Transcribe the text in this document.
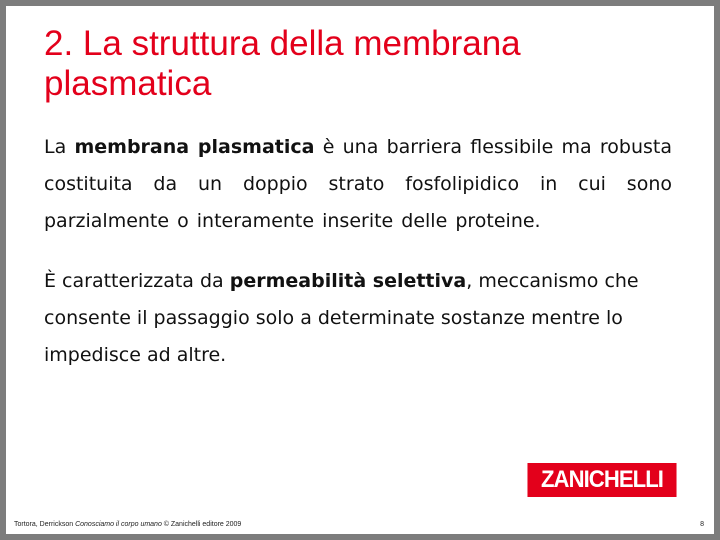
2. La struttura della membrana plasmatica

La membrana plasmatica è una barriera flessibile ma robusta costituita da un doppio strato fosfolipidico in cui sono parzialmente o interamente inserite delle proteine.

È caratterizzata da permeabilità selettiva, meccanismo che consente il passaggio solo a determinate sostanze mentre lo impedisce ad altre.

ZANICHELLI
Tortora, Derrickson Conosciamo il corpo umano © Zanichelli editore 2009	8
